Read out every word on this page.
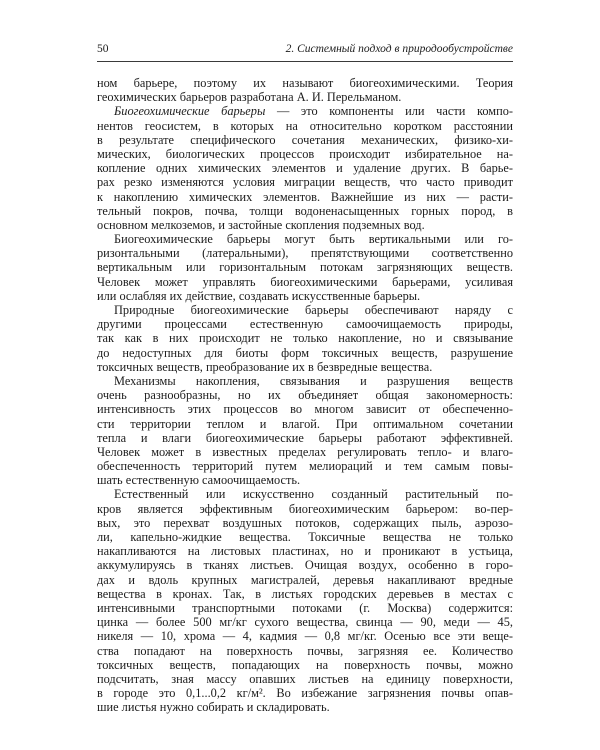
50	2. Системный подход в природообустройстве
ном барьере, поэтому их называют биогеохимическими. Теория
геохимических барьеров разработана А. И. Перельманом.
Биогеохимические барьеры — это компоненты или части компо-
нентов геосистем, в которых на относительно коротком расстоянии
в результате специфического сочетания механических, физико-хи-
мических, биологических процессов происходит избирательное на-
копление одних химических элементов и удаление других. В барье-
рах резко изменяются условия миграции веществ, что часто приводит
к накоплению химических элементов. Важнейшие из них — расти-
тельный покров, почва, толщи водоненасыщенных горных пород, в
основном мелкоземов, и застойные скопления подземных вод.
Биогеохимические барьеры могут быть вертикальными или го-
ризонтальными (латеральными), препятствующими соответственно
вертикальным или горизонтальным потокам загрязняющих веществ.
Человек может управлять биогеохимическими барьерами, усиливая
или ослабляя их действие, создавать искусственные барьеры.
Природные биогеохимические барьеры обеспечивают наряду с
другими процессами естественную самоочищаемость природы,
так как в них происходит не только накопление, но и связывание
до недоступных для биоты форм токсичных веществ, разрушение
токсичных веществ, преобразование их в безвредные вещества.
Механизмы накопления, связывания и разрушения веществ
очень разнообразны, но их объединяет общая закономерность:
интенсивность этих процессов во многом зависит от обеспеченно-
сти территории теплом и влагой. При оптимальном сочетании
тепла и влаги биогеохимические барьеры работают эффективней.
Человек может в известных пределах регулировать тепло- и влаго-
обеспеченность территорий путем мелиораций и тем самым повы-
шать естественную самоочищаемость.
Естественный или искусственно созданный растительный по-
кров является эффективным биогеохимическим барьером: во-пер-
вых, это перехват воздушных потоков, содержащих пыль, аэрозо-
ли, капельно-жидкие вещества. Токсичные вещества не только
накапливаются на листовых пластинах, но и проникают в устьица,
аккумулируясь в тканях листьев. Очищая воздух, особенно в горо-
дах и вдоль крупных магистралей, деревья накапливают вредные
вещества в кронах. Так, в листьях городских деревьев в местах с
интенсивными транспортными потоками (г. Москва) содержится:
цинка — более 500 мг/кг сухого вещества, свинца — 90, меди — 45,
никеля — 10, хрома — 4, кадмия — 0,8 мг/кг. Осенью все эти веще-
ства попадают на поверхность почвы, загрязняя ее. Количество
токсичных веществ, попадающих на поверхность почвы, можно
подсчитать, зная массу опавших листьев на единицу поверхности,
в городе это 0,1...0,2 кг/м². Во избежание загрязнения почвы опав-
шие листья нужно собирать и складировать.
